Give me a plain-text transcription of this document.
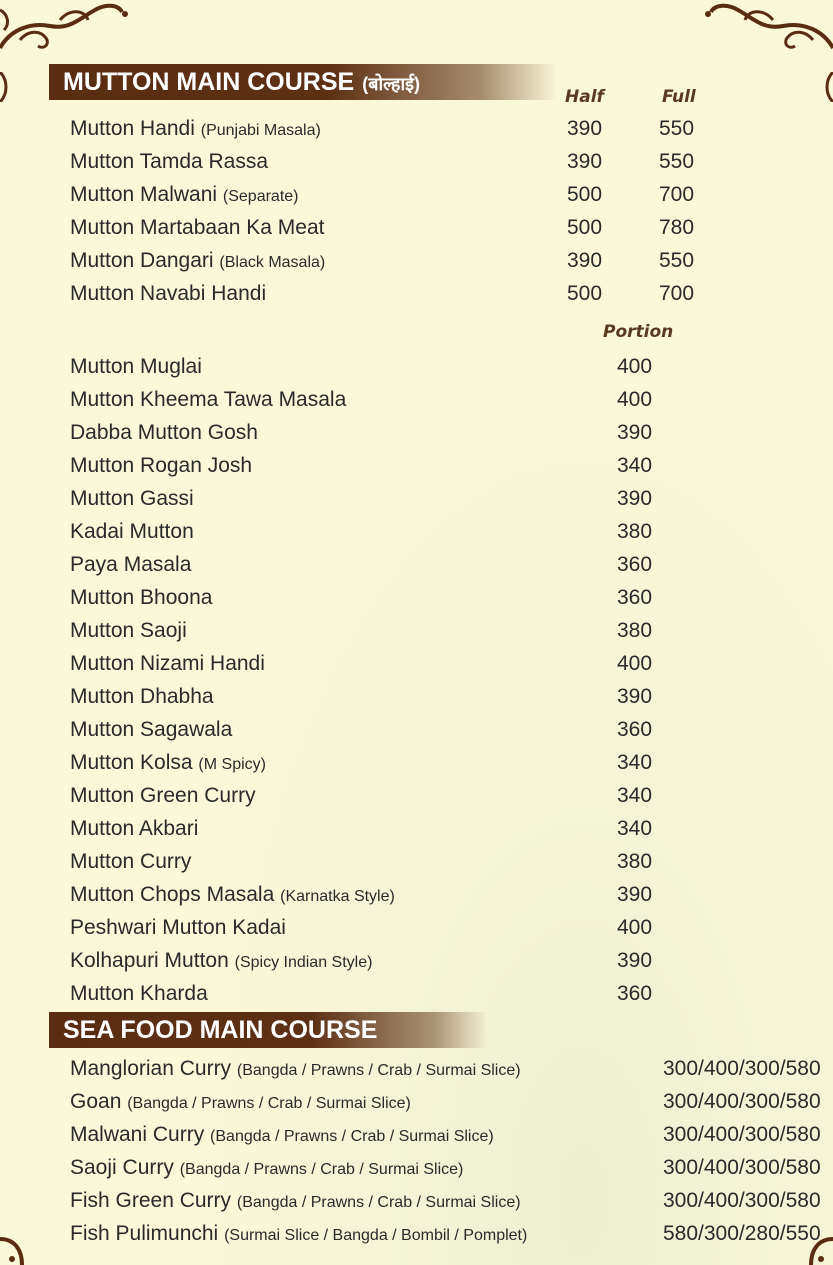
MUTTON MAIN COURSE (बोल्हाई)
Half	Full
Portion
Mutton Handi (Punjabi Masala)	390	550
Mutton Tamda Rassa	390	550
Mutton Malwani (Separate)	500	700
Mutton Martabaan Ka Meat	500	780
Mutton Dangari (Black Masala)	390	550
Mutton Navabi Handi	500	700
Mutton Muglai	400
Mutton Kheema Tawa Masala	400
Dabba Mutton Gosh	390
Mutton Rogan Josh	340
Mutton Gassi	390
Kadai Mutton	380
Paya Masala	360
Mutton Bhoona	360
Mutton Saoji	380
Mutton Nizami Handi	400
Mutton Dhabha	390
Mutton Sagawala	360
Mutton Kolsa (M Spicy)	340
Mutton Green Curry	340
Mutton Akbari	340
Mutton Curry	380
Mutton Chops Masala (Karnatka Style)	390
Peshwari Mutton Kadai	400
Kolhapuri Mutton (Spicy Indian Style)	390
Mutton Kharda	360
SEA FOOD MAIN COURSE
Manglorian Curry (Bangda / Prawns / Crab / Surmai Slice)	300/400/300/580
Goan (Bangda / Prawns / Crab / Surmai Slice)	300/400/300/580
Malwani Curry (Bangda / Prawns / Crab / Surmai Slice)	300/400/300/580
Saoji Curry (Bangda / Prawns / Crab / Surmai Slice)	300/400/300/580
Fish Green Curry (Bangda / Prawns / Crab / Surmai Slice)	300/400/300/580
Fish Pulimunchi (Surmai Slice / Bangda / Bombil / Pomplet)	580/300/280/550
